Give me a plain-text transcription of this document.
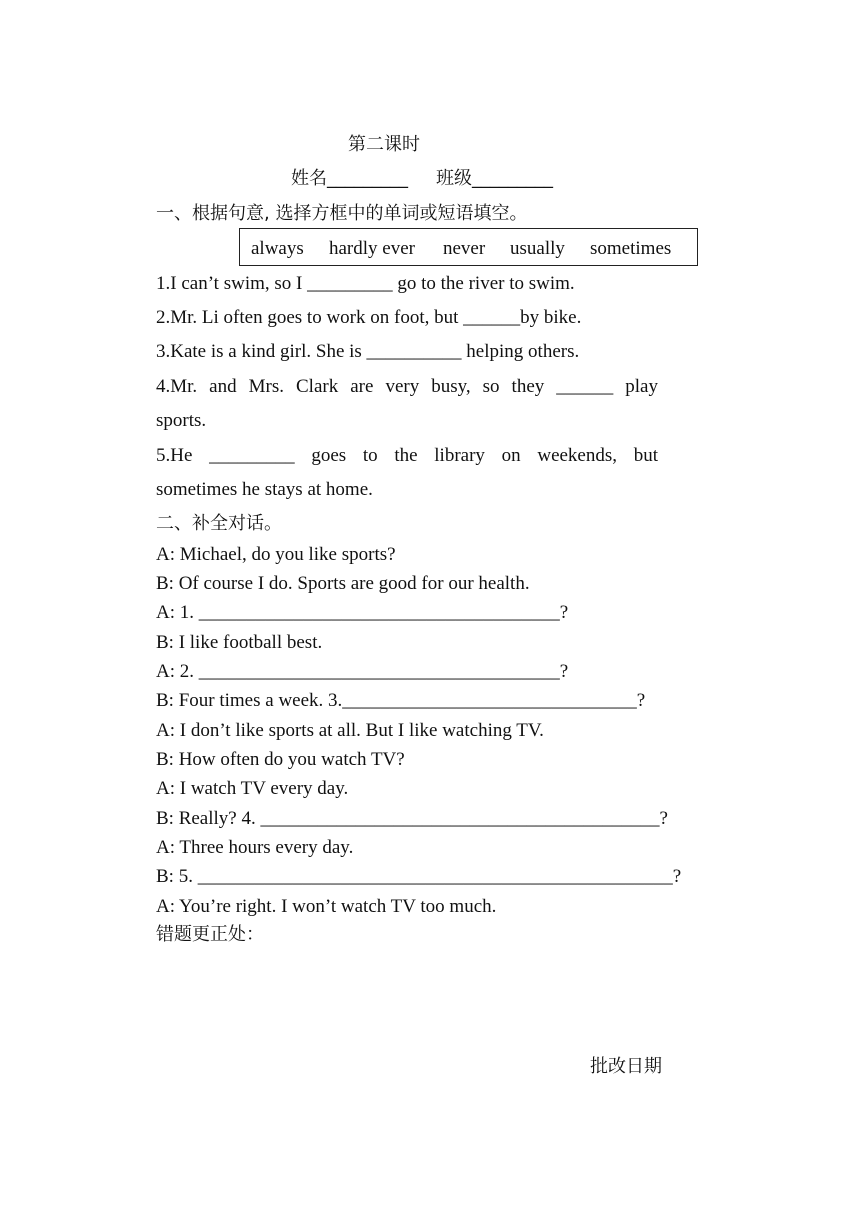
第二课时
姓名_________ 班级_________
一、根据句意, 选择方框中的单词或短语填空。
always hardly ever never usually sometimes
1.I can’t swim, so I _________ go to the river to swim.
2.Mr. Li often goes to work on foot, but ______by bike.
3.Kate is a kind girl. She is __________ helping others.
4.Mr. and Mrs. Clark are very busy, so they ______ play
sports.
5.He _________ goes to the library on weekends, but
sometimes he stays at home.
二、补全对话。
A: Michael, do you like sports?
B: Of course I do. Sports are good for our health.
A: 1. ______________________________________?
B: I like football best.
A: 2. ______________________________________?
B: Four times a week. 3._______________________________?
A: I don’t like sports at all. But I like watching TV.
B: How often do you watch TV?
A: I watch TV every day.
B: Really? 4. __________________________________________?
A: Three hours every day.
B: 5. __________________________________________________?
A: You’re right. I won’t watch TV too much.
错题更正处：
批改日期
